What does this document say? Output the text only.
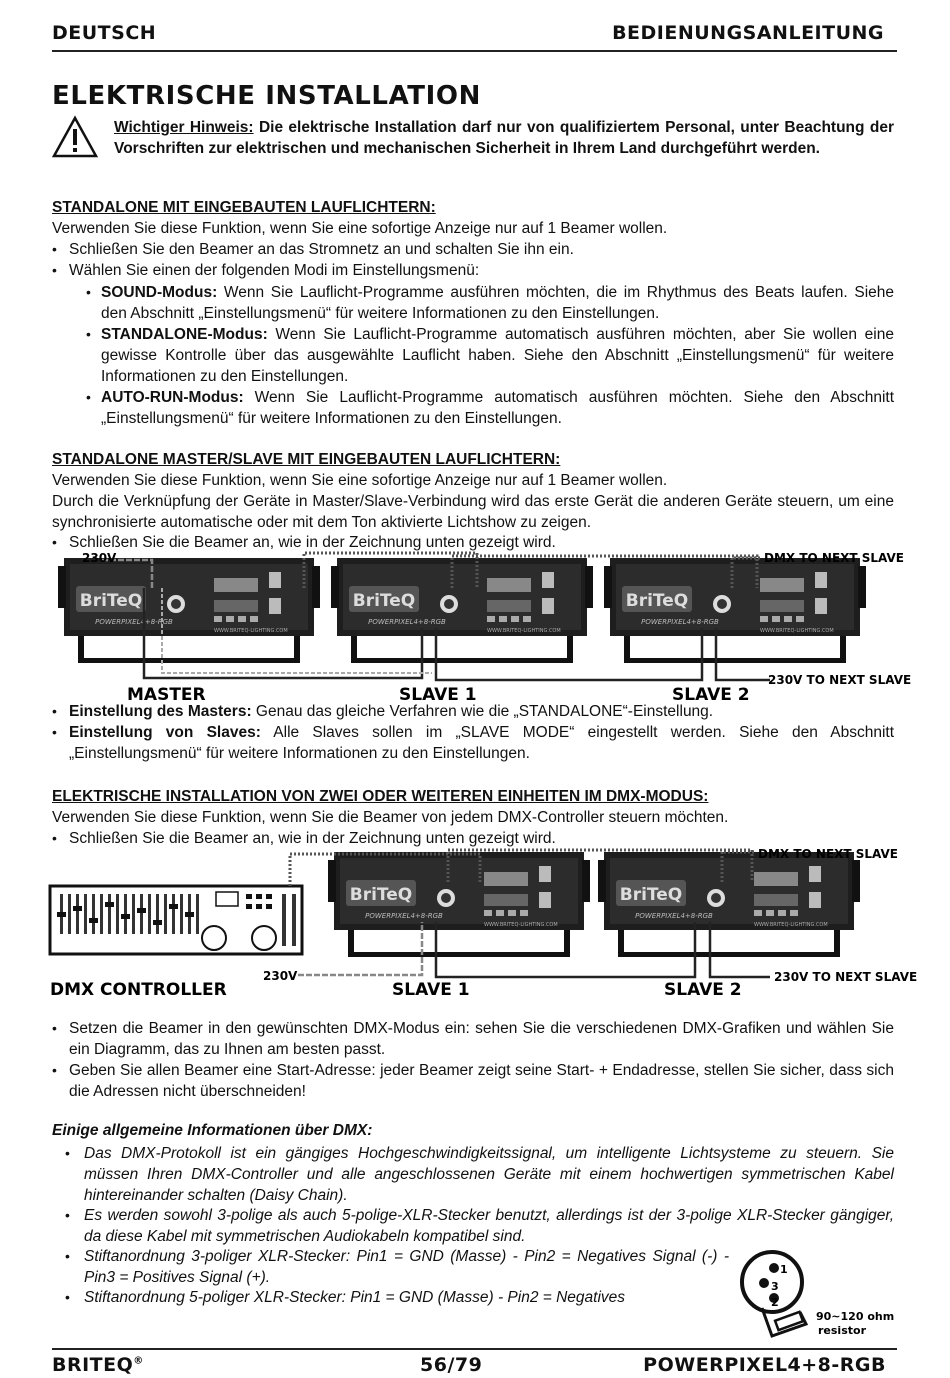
DEUTSCH	BEDIENUNGSANLEITUNG
ELEKTRISCHE INSTALLATION
Wichtiger Hinweis: Die elektrische Installation darf nur von qualifiziertem Personal, unter Beachtung der Vorschriften zur elektrischen und mechanischen Sicherheit in Ihrem Land durchgeführt werden.
STANDALONE MIT EINGEBAUTEN LAUFLICHTERN:
Verwenden Sie diese Funktion, wenn Sie eine sofortige Anzeige nur auf 1 Beamer wollen.
• Schließen Sie den Beamer an das Stromnetz an und schalten Sie ihn ein.
• Wählen Sie einen der folgenden Modi im Einstellungsmenü:
• SOUND-Modus: Wenn Sie Lauflicht-Programme ausführen möchten, die im Rhythmus des Beats laufen. Siehe den Abschnitt „Einstellungsmenü“ für weitere Informationen zu den Einstellungen.
• STANDALONE-Modus: Wenn Sie Lauflicht-Programme automatisch ausführen möchten, aber Sie wollen eine gewisse Kontrolle über das ausgewählte Lauflicht haben. Siehe den Abschnitt „Einstellungsmenü“ für weitere Informationen zu den Einstellungen.
• AUTO-RUN-Modus: Wenn Sie Lauflicht-Programme automatisch ausführen möchten. Siehe den Abschnitt „Einstellungsmenü“ für weitere Informationen zu den Einstellungen.
STANDALONE MASTER/SLAVE MIT EINGEBAUTEN LAUFLICHTERN:
Verwenden Sie diese Funktion, wenn Sie eine sofortige Anzeige nur auf 1 Beamer wollen.
Durch die Verknüpfung der Geräte in Master/Slave-Verbindung wird das erste Gerät die anderen Geräte steuern, um eine synchronisierte automatische oder mit dem Ton aktivierte Lichtshow zu zeigen.
• Schließen Sie die Beamer an, wie in der Zeichnung unten gezeigt wird.
230V	DMX TO NEXT SLAVE
230V TO NEXT SLAVE
MASTER	SLAVE 1	SLAVE 2
• Einstellung des Masters: Genau das gleiche Verfahren wie die „STANDALONE“-Einstellung.
• Einstellung von Slaves: Alle Slaves sollen im „SLAVE MODE“ eingestellt werden. Siehe den Abschnitt „Einstellungsmenü“ für weitere Informationen zu den Einstellungen.
ELEKTRISCHE INSTALLATION VON ZWEI ODER WEITEREN EINHEITEN IM DMX-MODUS:
Verwenden Sie diese Funktion, wenn Sie die Beamer von jedem DMX-Controller steuern möchten.
• Schließen Sie die Beamer an, wie in der Zeichnung unten gezeigt wird.
DMX CONTROLLER
230V
DMX TO NEXT SLAVE
230V TO NEXT SLAVE
SLAVE 1	SLAVE 2
• Setzen die Beamer in den gewünschten DMX-Modus ein: sehen Sie die verschiedenen DMX-Grafiken und wählen Sie ein Diagramm, das zu Ihnen am besten passt.
• Geben Sie allen Beamer eine Start-Adresse: jeder Beamer zeigt seine Start- + Endadresse, stellen Sie sicher, dass sich die Adressen nicht überschneiden!
Einige allgemeine Informationen über DMX:
• Das DMX-Protokoll ist ein gängiges Hochgeschwindigkeitssignal, um intelligente Lichtsysteme zu steuern. Sie müssen Ihren DMX-Controller und alle angeschlossenen Geräte mit einem hochwertigen symmetrischen Kabel hintereinander schalten (Daisy Chain).
• Es werden sowohl 3-polige als auch 5-polige-XLR-Stecker benutzt, allerdings ist der 3-polige XLR-Stecker gängiger, da diese Kabel mit symmetrischen Audiokabeln kompatibel sind.
• Stiftanordnung 3-poliger XLR-Stecker: Pin1 = GND (Masse) - Pin2 = Negatives Signal (-) - Pin3 = Positives Signal (+).
• Stiftanordnung 5-poliger XLR-Stecker: Pin1 = GND (Masse) - Pin2 = Negatives
1
3
2
90~120 ohm
resistor
BRITEQ®	56/79	POWERPIXEL4+8-RGB
